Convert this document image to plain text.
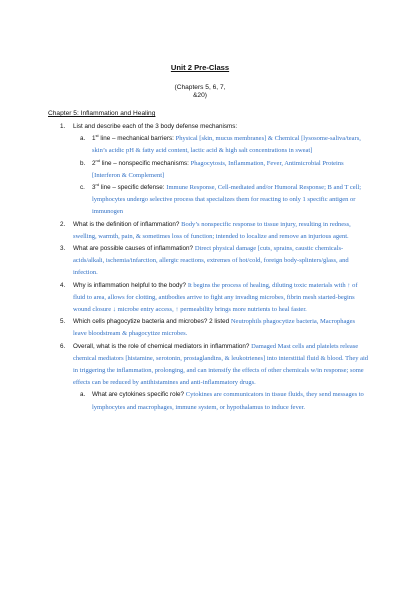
Unit 2 Pre-Class
(Chapters 5, 6, 7,
&20)
Chapter 5: Inflammation and Healing
1. List and describe each of the 3 body defense mechanisms:
a. 1st line – mechanical barriers: Physical [skin, mucus membranes] & Chemical [lysosome-saliva/tears, skin’s acidic pH & fatty acid content, lactic acid & high salt concentrations in sweat]
b. 2nd line – nonspecific mechanisms: Phagocytosis, Inflammation, Fever, Antimicrobial Proteins [Interferon & Complement]
c. 3rd line – specific defense: Immune Response, Cell-mediated and/or Humoral Response; B and T cell; lymphocytes undergo selective process that specializes them for reacting to only 1 specific antigen or immunogen
2. What is the definition of inflammation? Body’s nonspecific response to tissue injury, resulting in redness, swelling, warmth, pain, & sometimes loss of function; intended to localize and remove an injurious agent.
3. What are possible causes of inflammation? Direct physical damage [cuts, sprains, caustic chemicals-acids/alkali, ischemia/infarction, allergic reactions, extremes of hot/cold, foreign body-splinters/glass, and infection.
4. Why is inflammation helpful to the body? It begins the process of healing, diluting toxic materials with ↑ of fluid to area, allows for clotting, antibodies arrive to fight any invading microbes, fibrin mesh started-begins wound closure ↓ microbe entry access, ↑ permeability brings more nutrients to heal faster.
5. Which cells phagocytize bacteria and microbes? 2 listed Neutrophils phagocytize bacteria, Macrophages leave bloodstream & phagocytize microbes.
6. Overall, what is the role of chemical mediators in inflammation? Damaged Mast cells and platelets release chemical mediators [histamine, serotonin, prostaglandins, & leukotrienes] into interstitial fluid & blood. They aid in triggering the inflammation, prolonging, and can intensify the effects of other chemicals w/in response; some effects can be reduced by antihistamines and anti-inflammatory drugs.
a. What are cytokines specific role? Cytokines are communicators in tissue fluids, they send messages to lymphocytes and macrophages, immune system, or hypothalamus to induce fever.
